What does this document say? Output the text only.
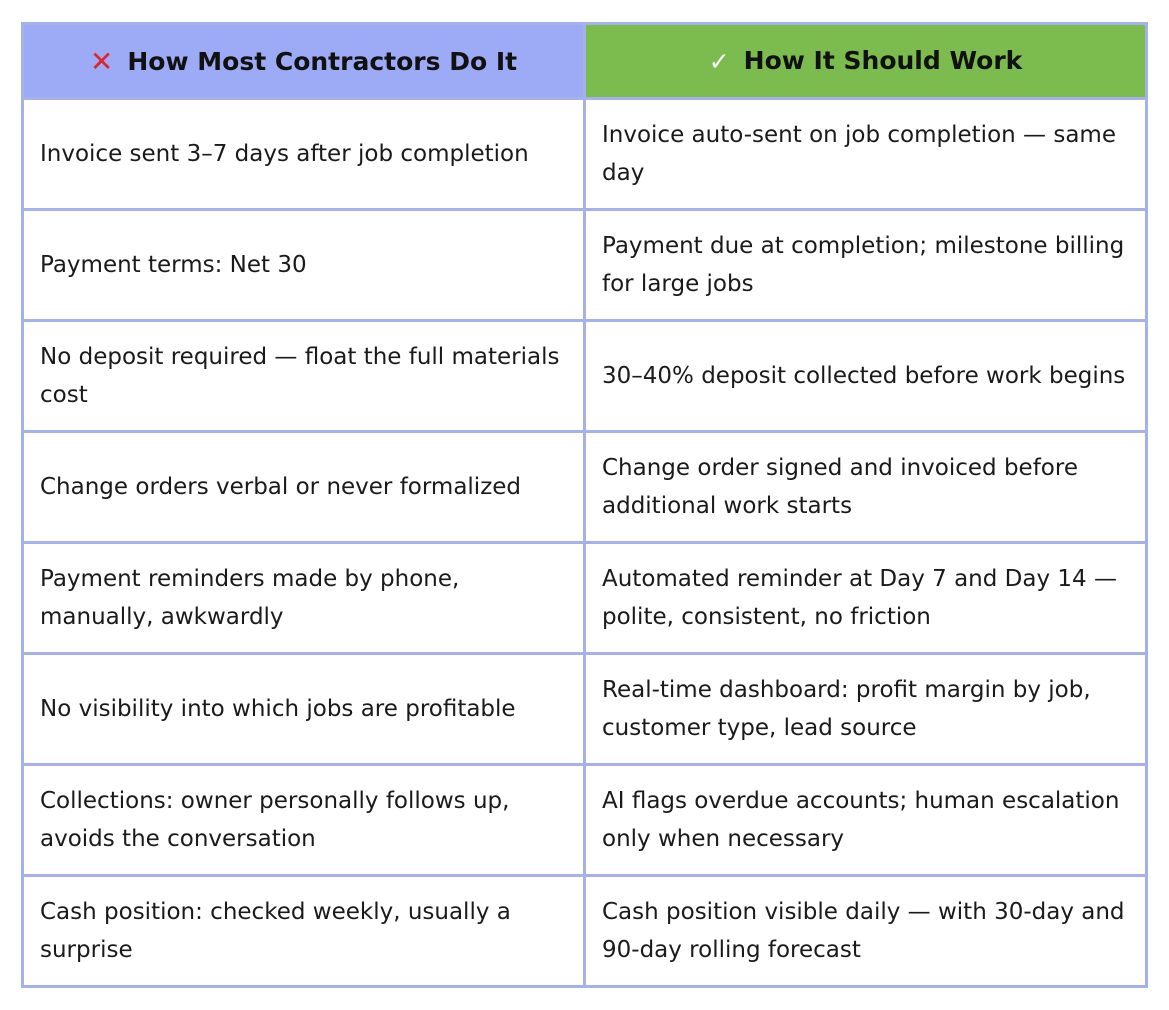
✕ How Most Contractors Do It	✓ How It Should Work
Invoice sent 3–7 days after job completion	Invoice auto-sent on job completion — same day
Payment terms: Net 30	Payment due at completion; milestone billing for large jobs
No deposit required — float the full materials cost	30–40% deposit collected before work begins
Change orders verbal or never formalized	Change order signed and invoiced before additional work starts
Payment reminders made by phone, manually, awkwardly	Automated reminder at Day 7 and Day 14 — polite, consistent, no friction
No visibility into which jobs are profitable	Real-time dashboard: profit margin by job, customer type, lead source
Collections: owner personally follows up, avoids the conversation	AI flags overdue accounts; human escalation only when necessary
Cash position: checked weekly, usually a surprise	Cash position visible daily — with 30-day and 90-day rolling forecast
